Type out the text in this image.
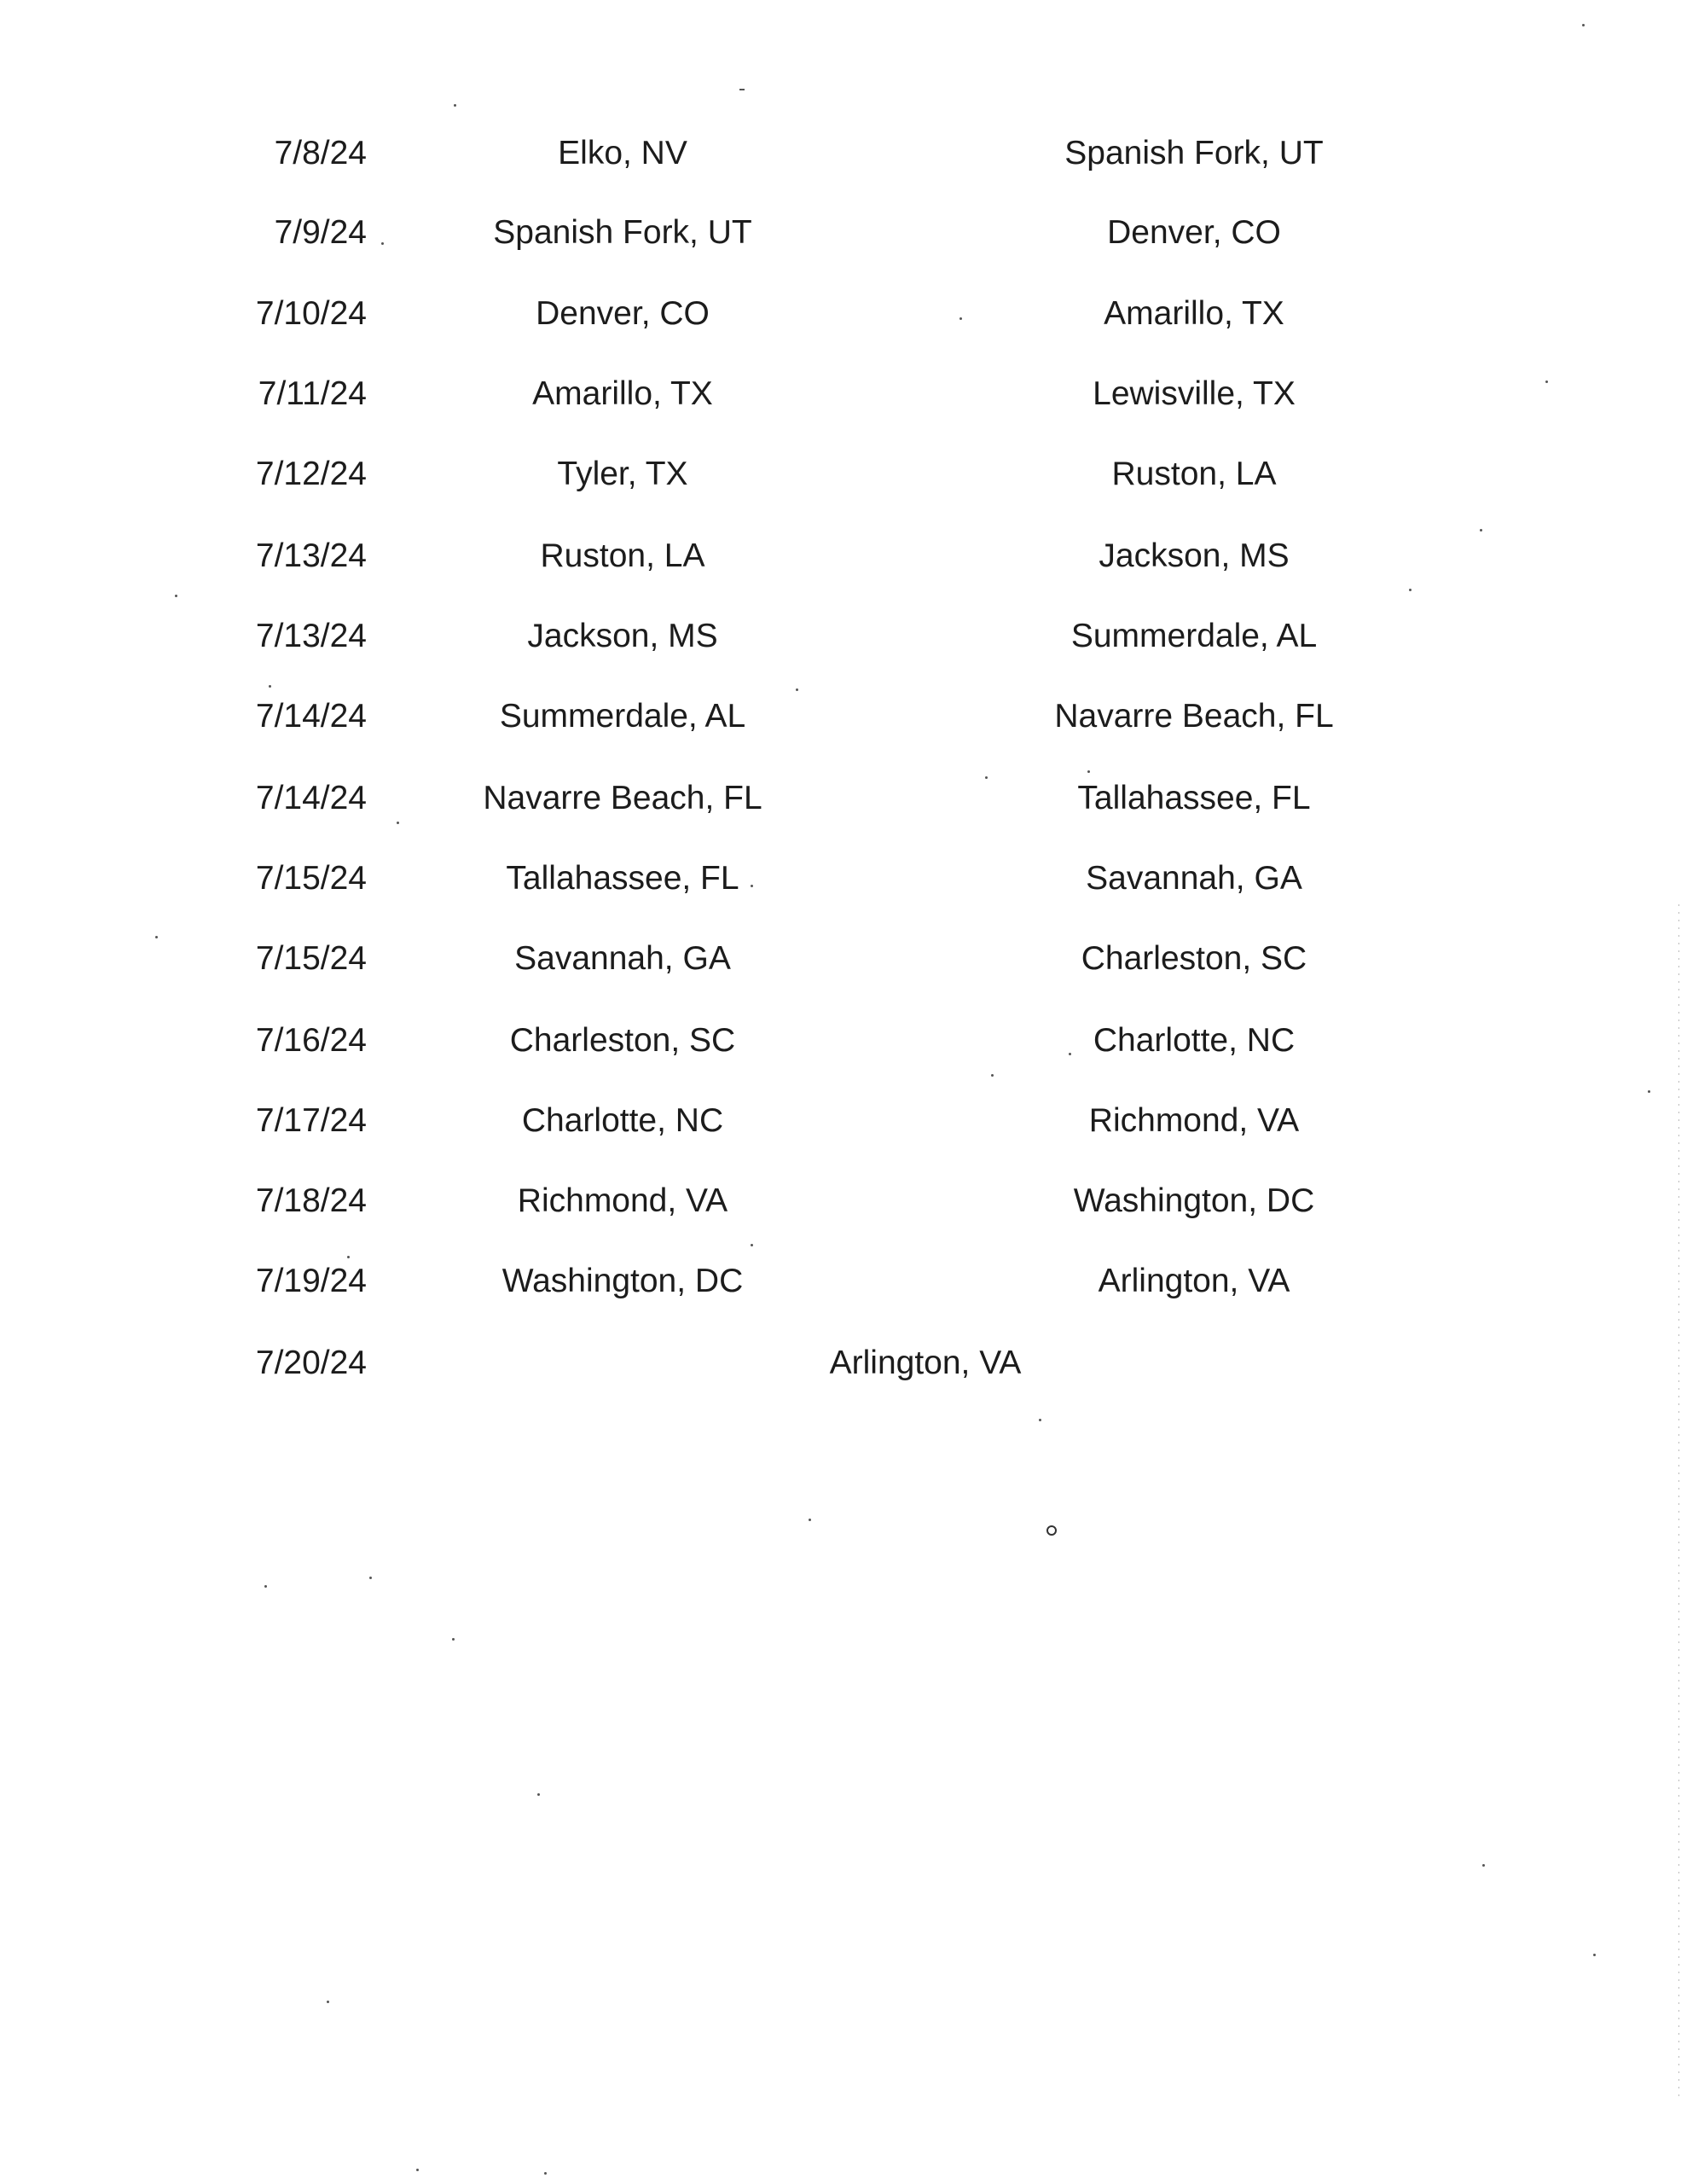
7/8/24	Elko, NV	Spanish Fork, UT
7/9/24	Spanish Fork, UT	Denver, CO
7/10/24	Denver, CO	Amarillo, TX
7/11/24	Amarillo, TX	Lewisville, TX
7/12/24	Tyler, TX	Ruston, LA
7/13/24	Ruston, LA	Jackson, MS
7/13/24	Jackson, MS	Summerdale, AL
7/14/24	Summerdale, AL	Navarre Beach, FL
7/14/24	Navarre Beach, FL	Tallahassee, FL
7/15/24	Tallahassee, FL	Savannah, GA
7/15/24	Savannah, GA	Charleston, SC
7/16/24	Charleston, SC	Charlotte, NC
7/17/24	Charlotte, NC	Richmond, VA
7/18/24	Richmond, VA	Washington, DC
7/19/24	Washington, DC	Arlington, VA
7/20/24	Arlington, VA
